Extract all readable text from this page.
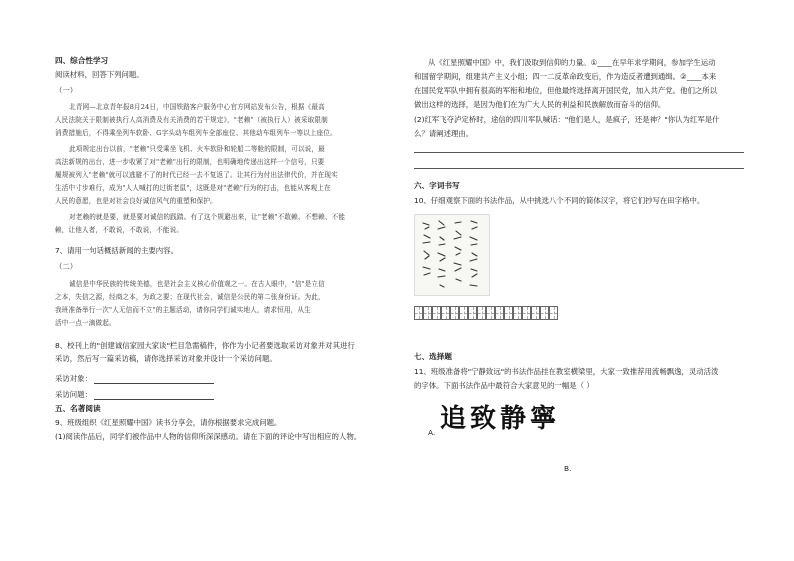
四、综合性学习
阅读材料，回答下列问题。
（一）
北青网—北京青年报8月24日，中国铁路客户服务中心官方网站发布公告，根据《最高
人民法院关于限制被执行人高消费及有关消费的若干规定》，"老赖"（被执行人）被采取限制
消费措施后，不得乘坐列车软卧、G字头动车组列车全部座位、其他动车组列车一等以上座位。
此项规定出台以前，"老赖"只受乘坐飞机、火车软卧和轮船二等舱的限制，可以说，最
高法新规的出台，进一步收紧了对"老赖"出行的限制，也明确地传递出这样一个信号，只要
履规被列入"老赖"就可以逃避不了的时代已经一去不复返了。让其行为付出法律代价，并在现实
生活中寸步难行，成为"人人喊打的过街老鼠"，这既是对"老赖"行为的打击，也能从客观上在
人民的意愿，也是对社会良好诚信风气的重塑和保护。
对老赖的就是要，就是要对诚信的践踏。有了这个规避出来，让"老赖"不敢赖、不想赖、不能
赖，让他人者，不敢说，不敢说，不能说。
7、请用一句话概括新闻的主要内容。
（二）
诚信是中华民族的传统美德，也是社会主义核心价值观之一。在古人眼中，"信"是立信
之本，失信之源，经商之本，为政之要；在现代社会，诚信是公民的第二张身份证。为此，
我班准备举行一次"人无信而不立"的主题活动，请你同学们诚实地人，请求恒用，从生
活中一点一滴做起。
8、校刊上的"创建诚信家园大家谈"栏目急需稿件，你作为小记者要选取采访对象并对其进行
采访，然后写一篇采访稿，请你选择采访对象并设计一个采访问题。
采访对象：
采访问题：
五、名著阅读
9、班级组织《红星照耀中国》读书分享会，请你根据要求完成问题。
(1)阅读作品后，同学们被作品中人物的信仰所深深感动。请在下面的评论中写出相应的人物。
从《红星照耀中国》中，我们汲取到信仰的力量。①____在早年求学期间，参加学生运动
和国留学期间，组建共产主义小组；四一二反革命政变后，作为造反者遭到通缉。②____本来
在国民党军队中拥有很高的军衔和地位，但他最终选择离开国民党，加入共产党。他们之所以
做出这样的选择，是因为他们在为广大人民的利益和民族解放而奋斗的信仰。
(2)红军飞夺泸定桥时，途信的四川军队喊话："他们是人，是疯子，还是神？"你认为红军是什
么？请阐述理由。
六、字词书写
10、仔细观察下面的书法作品，从中挑选八个不同的简体汉字，将它们抄写在田字格中。
七、选择题
11、班级准备将"宁静致远"的书法作品挂在教室横梁里，大家一致推荐用流畅飘逸，灵动活泼
的字体。下面书法作品中最符合大家意见的一幅是（ ）
A. 追致静寧
B.
